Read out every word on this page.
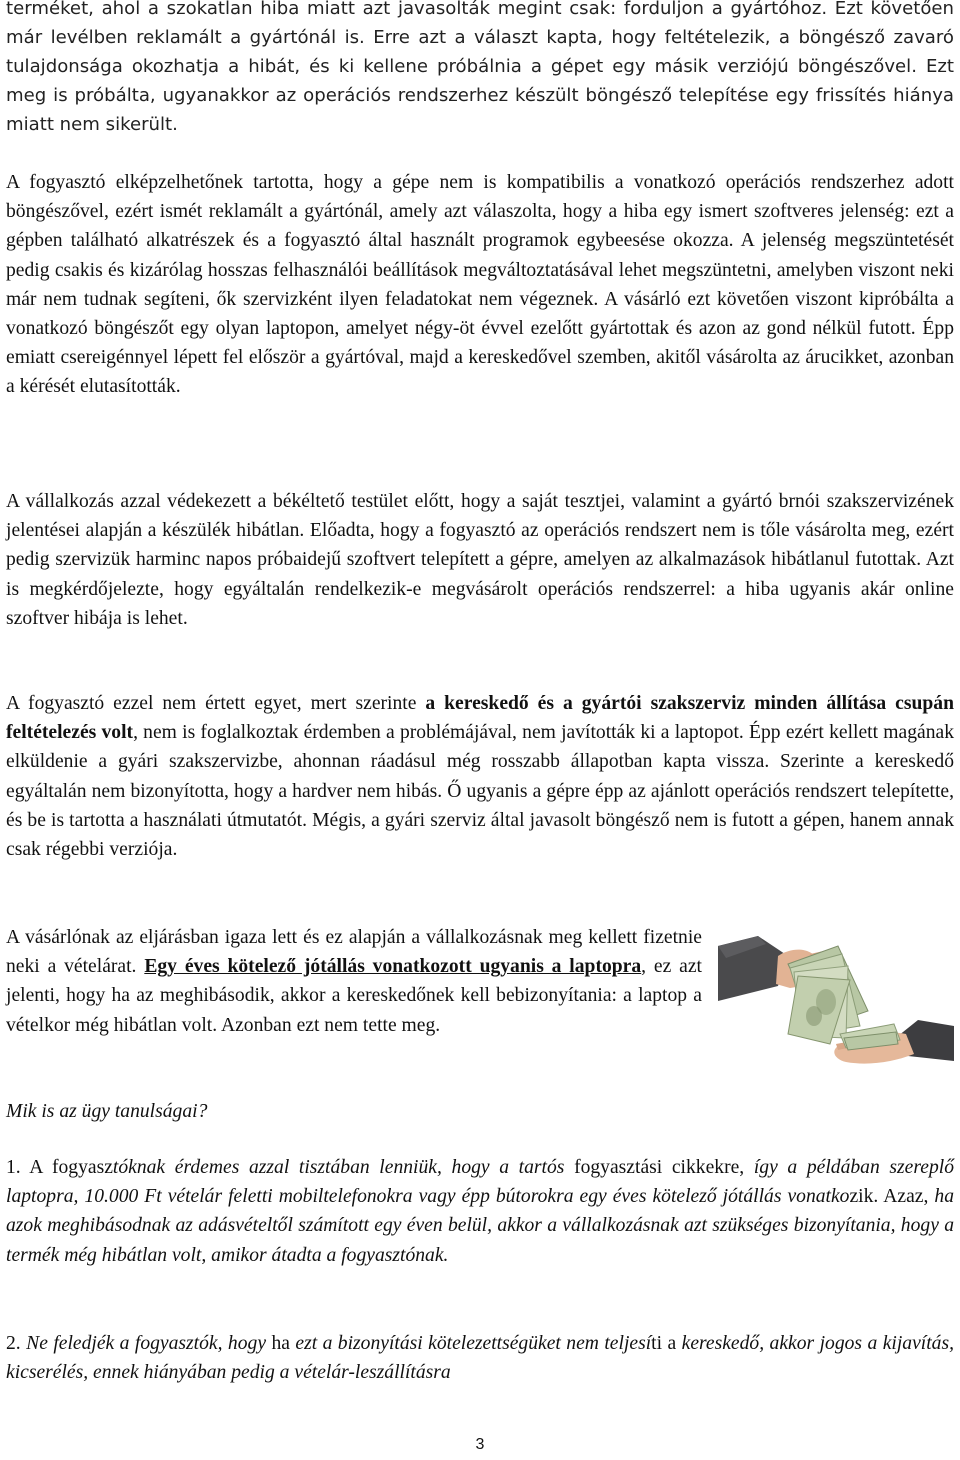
terméket, ahol a szokatlan hiba miatt azt javasolták megint csak: forduljon a gyártóhoz. Ezt követően már levélben reklamált a gyártónál is. Erre azt a választ kapta, hogy feltételezik, a böngésző zavaró tulajdonsága okozhatja a hibát, és ki kellene próbálnia a gépet egy másik verziójú böngészővel. Ezt meg is próbálta, ugyanakkor az operációs rendszerhez készült böngésző telepítése egy frissítés hiánya miatt nem sikerült.

A fogyasztó elképzelhetőnek tartotta, hogy a gépe nem is kompatibilis a vonatkozó operációs rendszerhez adott böngészővel, ezért ismét reklamált a gyártónál, amely azt válaszolta, hogy a hiba egy ismert szoftveres jelenség: ezt a gépben található alkatrészek és a fogyasztó által használt programok egybeesése okozza. A jelenség megszüntetését pedig csakis és kizárólag hosszas felhasználói beállítások megváltoztatásával lehet megszüntetni, amelyben viszont neki már nem tudnak segíteni, ők szervizként ilyen feladatokat nem végeznek. A vásárló ezt követően viszont kipróbálta a vonatkozó böngészőt egy olyan laptopon, amelyet négy-öt évvel ezelőtt gyártottak és azon az gond nélkül futott. Épp emiatt csereigénnyel lépett fel először a gyártóval, majd a kereskedővel szemben, akitől vásárolta az árucikket, azonban a kérését elutasították.

A vállalkozás azzal védekezett a békéltető testület előtt, hogy a saját tesztjei, valamint a gyártó brnói szakszervizének jelentései alapján a készülék hibátlan. Előadta, hogy a fogyasztó az operációs rendszert nem is tőle vásárolta meg, ezért pedig szervizük harminc napos próbaidejű szoftvert telepített a gépre, amelyen az alkalmazások hibátlanul futottak. Azt is megkérdőjelezte, hogy egyáltalán rendelkezik-e megvásárolt operációs rendszerrel: a hiba ugyanis akár online szoftver hibája is lehet.

A fogyasztó ezzel nem értett egyet, mert szerinte a kereskedő és a gyártói szakszerviz minden állítása csupán feltételezés volt, nem is foglalkoztak érdemben a problémájával, nem javították ki a laptopot. Épp ezért kellett magának elküldenie a gyári szakszervizbe, ahonnan ráadásul még rosszabb állapotban kapta vissza. Szerinte a kereskedő egyáltalán nem bizonyította, hogy a hardver nem hibás. Ő ugyanis a gépre épp az ajánlott operációs rendszert telepítette, és be is tartotta a használati útmutatót. Mégis, a gyári szerviz által javasolt böngésző nem is futott a gépen, hanem annak csak régebbi verziója.

A vásárlónak az eljárásban igaza lett és ez alapján a vállalkozásnak meg kellett fizetnie neki a vételárat. Egy éves kötelező jótállás vonatkozott ugyanis a laptopra, ez azt jelenti, hogy ha az meghibásodik, akkor a kereskedőnek kell bebizonyítania: a laptop a vételkor még hibátlan volt. Azonban ezt nem tette meg.

Mik is az ügy tanulságai?

1. A fogyasztóknak érdemes azzal tisztában lenniük, hogy a tartós fogyasztási cikkekre, így a példában szereplő laptopra, 10.000 Ft vételár feletti mobiltelefonokra vagy épp bútorokra egy éves kötelező jótállás vonatkozik. Azaz, ha azok meghibásodnak az adásvételtől számított egy éven belül, akkor a vállalkozásnak azt szükséges bizonyítania, hogy a termék még hibátlan volt, amikor átadta a fogyasztónak.

2. Ne feledjék a fogyasztók, hogy ha ezt a bizonyítási kötelezettségüket nem teljesíti a kereskedő, akkor jogos a kijavítás, kicserélés, ennek hiányában pedig a vételár-leszállításra

3
